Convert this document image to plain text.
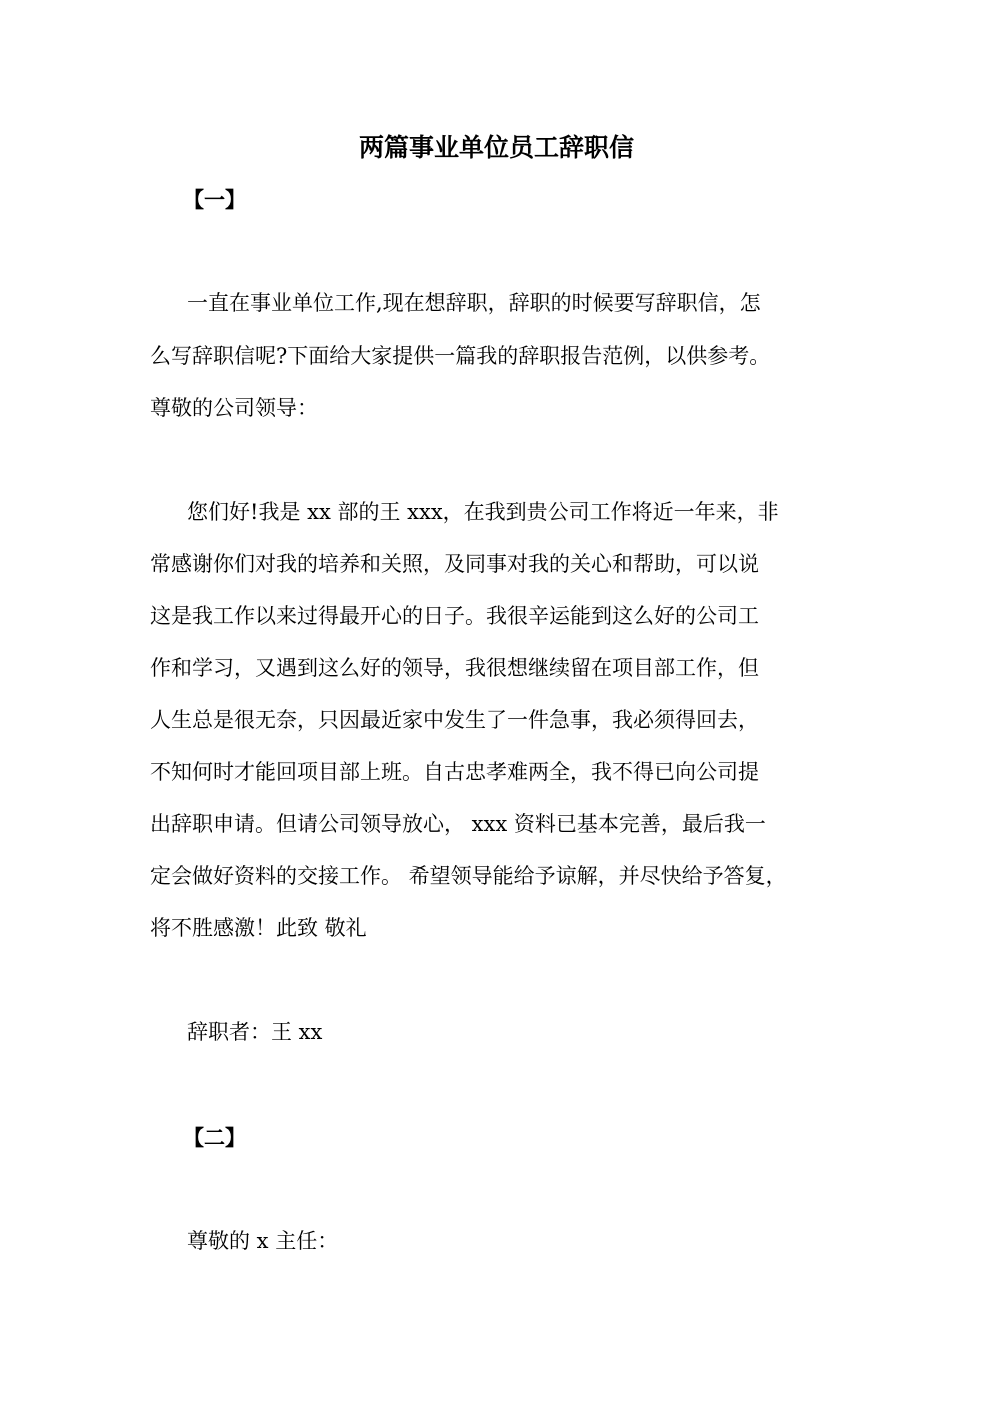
两篇事业单位员工辞职信
【一】
一直在事业单位工作,现在想辞职，辞职的时候要写辞职信，怎
么写辞职信呢?下面给大家提供一篇我的辞职报告范例，以供参考。
尊敬的公司领导：
您们好!我是 xx 部的王 xxx，在我到贵公司工作将近一年来，非
常感谢你们对我的培养和关照，及同事对我的关心和帮助，可以说
这是我工作以来过得最开心的日子。我很辛运能到这么好的公司工
作和学习，又遇到这么好的领导，我很想继续留在项目部工作，但
人生总是很无奈，只因最近家中发生了一件急事，我必须得回去，
不知何时才能回项目部上班。自古忠孝难两全，我不得已向公司提
出辞职申请。但请公司领导放心， xxx 资料已基本完善，最后我一
定会做好资料的交接工作。 希望领导能给予谅解，并尽快给予答复，
将不胜感激！此致 敬礼
辞职者：王 xx
【二】
尊敬的 x 主任：
